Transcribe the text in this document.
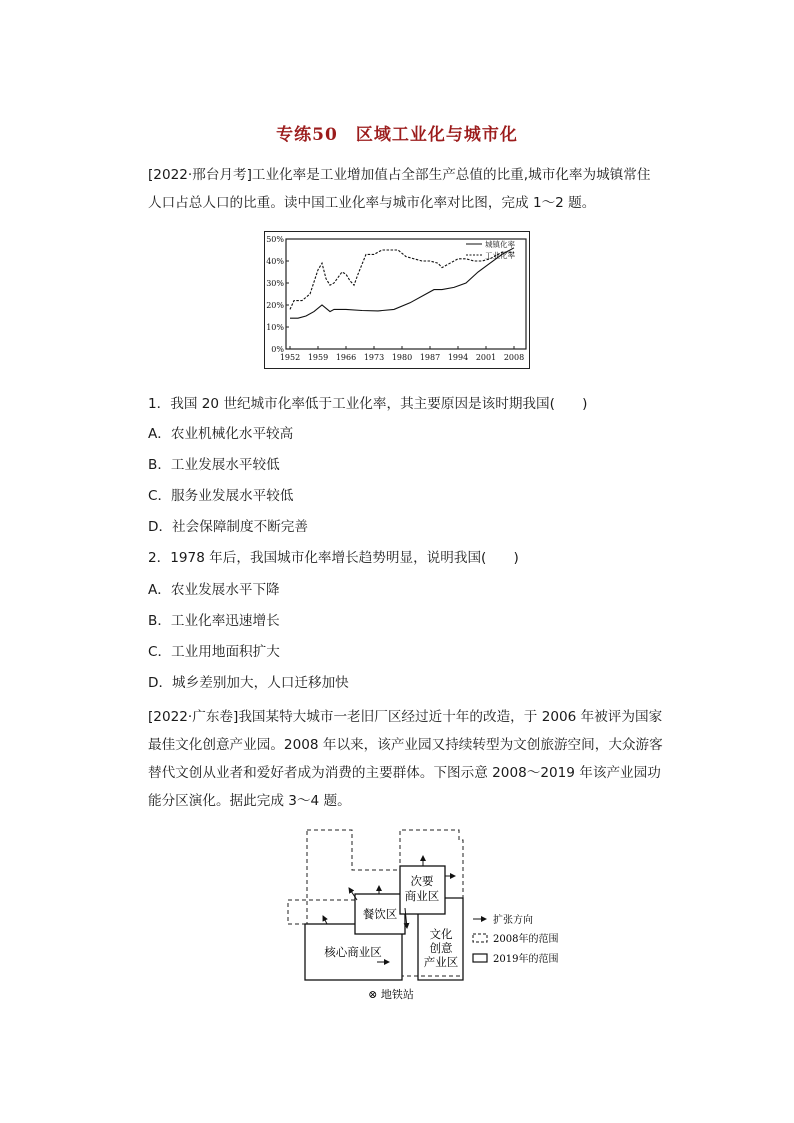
专练50　区域工业化与城市化
[2022·邢台月考]工业化率是工业增加值占全部生产总值的比重,城市化率为城镇常住人口占总人口的比重。读中国工业化率与城市化率对比图，完成 1～2 题。
0%
10%
20%
30%
40%
50%
1952 1959 1966 1973 1980 1987 1994 2001 2008
城镇化率
工业化率
1．我国 20 世纪城市化率低于工业化率，其主要原因是该时期我国(　　)
A．农业机械化水平较高
B．工业发展水平较低
C．服务业发展水平较低
D．社会保障制度不断完善
2．1978 年后，我国城市化率增长趋势明显，说明我国(　　)
A．农业发展水平下降
B．工业化率迅速增长
C．工业用地面积扩大
D．城乡差别加大，人口迁移加快
[2022·广东卷]我国某特大城市一老旧厂区经过近十年的改造，于 2006 年被评为国家最佳文化创意产业园。2008 年以来，该产业园又持续转型为文创旅游空间，大众游客替代文创从业者和爱好者成为消费的主要群体。下图示意 2008～2019 年该产业园功能分区演化。据此完成 3～4 题。
核心商业区
餐饮区
次要
商业区
文化
创意
产业区
扩张方向
2008年的范围
2019年的范围
⊗ 地铁站
